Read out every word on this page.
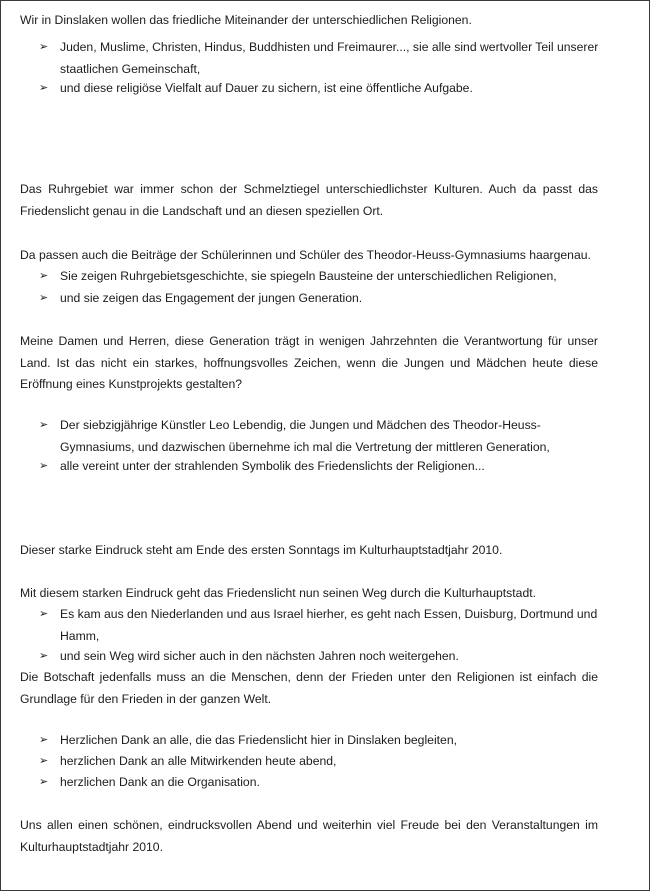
Wir in Dinslaken wollen das friedliche Miteinander der unterschiedlichen Religionen.

➢ Juden, Muslime, Christen, Hindus, Buddhisten und Freimaurer..., sie alle sind wertvoller Teil unserer staatlichen Gemeinschaft,
➢ und diese religiöse Vielfalt auf Dauer zu sichern, ist eine öffentliche Aufgabe.

Das Ruhrgebiet war immer schon der Schmelztiegel unterschiedlichster Kulturen. Auch da passt das Friedenslicht genau in die Landschaft und an diesen speziellen Ort.

Da passen auch die Beiträge der Schülerinnen und Schüler des Theodor-Heuss-Gymnasiums haargenau.

➢ Sie zeigen Ruhrgebietsgeschichte, sie spiegeln Bausteine der unterschiedlichen Religionen,
➢ und sie zeigen das Engagement der jungen Generation.

Meine Damen und Herren, diese Generation trägt in wenigen Jahrzehnten die Verantwortung für unser Land. Ist das nicht ein starkes, hoffnungsvolles Zeichen, wenn die Jungen und Mädchen heute diese Eröffnung eines Kunstprojekts gestalten?

➢ Der siebzigjährige Künstler Leo Lebendig, die Jungen und Mädchen des Theodor-Heuss-Gymnasiums, und dazwischen übernehme ich mal die Vertretung der mittleren Generation,
➢ alle vereint unter der strahlenden Symbolik des Friedenslichts der Religionen...

Dieser starke Eindruck steht am Ende des ersten Sonntags im Kulturhauptstadtjahr 2010.

Mit diesem starken Eindruck geht das Friedenslicht nun seinen Weg durch die Kulturhauptstadt.

➢ Es kam aus den Niederlanden und aus Israel hierher, es geht nach Essen, Duisburg, Dortmund und Hamm,
➢ und sein Weg wird sicher auch in den nächsten Jahren noch weitergehen.

Die Botschaft jedenfalls muss an die Menschen, denn der Frieden unter den Religionen ist einfach die Grundlage für den Frieden in der ganzen Welt.

➢ Herzlichen Dank an alle, die das Friedenslicht hier in Dinslaken begleiten,
➢ herzlichen Dank an alle Mitwirkenden heute abend,
➢ herzlichen Dank an die Organisation.

Uns allen einen schönen, eindrucksvollen Abend und weiterhin viel Freude bei den Veranstaltungen im Kulturhauptstadtjahr 2010.
